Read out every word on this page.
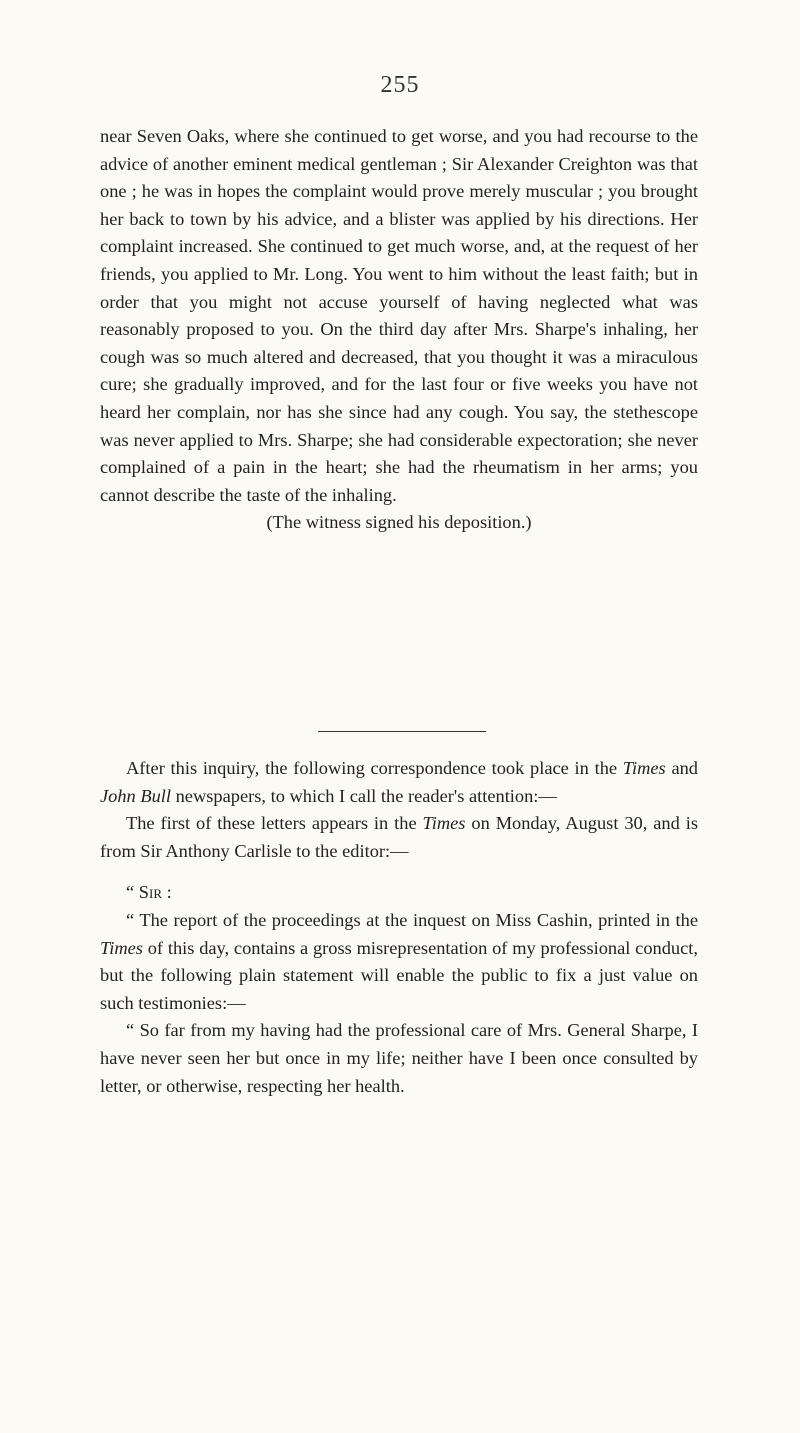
255

near Seven Oaks, where she continued to get worse, and you had recourse to the advice of another eminent medical gentleman ; Sir Alexander Creighton was that one ; he was in hopes the complaint would prove merely muscular ; you brought her back to town by his advice, and a blister was applied by his directions. Her complaint increased. She continued to get much worse, and, at the request of her friends, you applied to Mr. Long. You went to him without the least faith; but in order that you might not accuse yourself of having neglected what was reasonably proposed to you. On the third day after Mrs. Sharpe's inhaling, her cough was so much altered and decreased, that you thought it was a miraculous cure; she gradually improved, and for the last four or five weeks you have not heard her complain, nor has she since had any cough. You say, the stethescope was never applied to Mrs. Sharpe; she had considerable expectoration; she never complained of a pain in the heart; she had the rheumatism in her arms; you cannot describe the taste of the inhaling.

(The witness signed his deposition.)

After this inquiry, the following correspondence took place in the Times and John Bull newspapers, to which I call the reader's attention:—

The first of these letters appears in the Times on Monday, August 30, and is from Sir Anthony Carlisle to the editor:—

“ Sir :

“ The report of the proceedings at the inquest on Miss Cashin, printed in the Times of this day, contains a gross misrepresentation of my professional conduct, but the following plain statement will enable the public to fix a just value on such testimonies:—

“ So far from my having had the professional care of Mrs. General Sharpe, I have never seen her but once in my life; neither have I been once consulted by letter, or otherwise, respecting her health.
